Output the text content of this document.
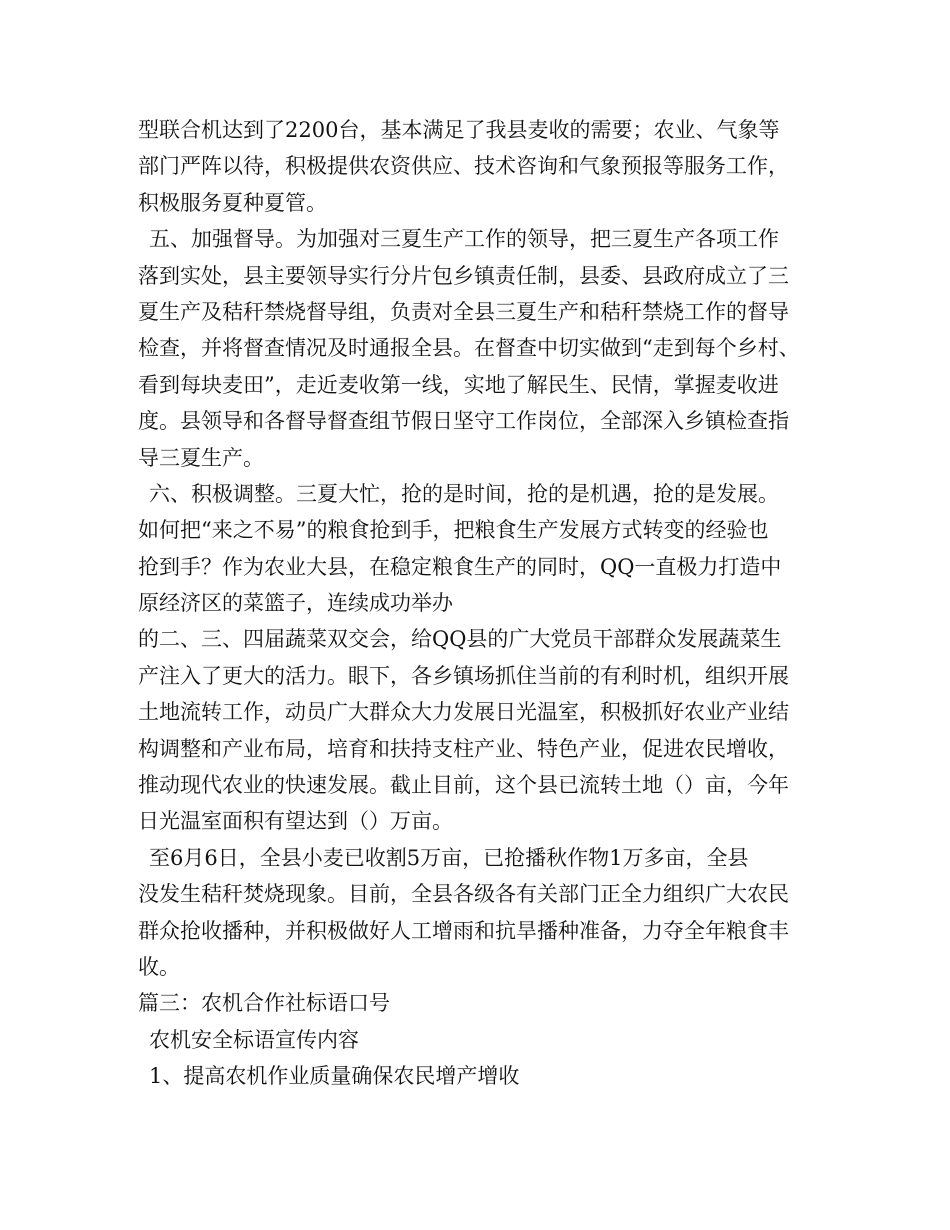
型联合机达到了2200台，基本满足了我县麦收的需要；农业、气象等
部门严阵以待，积极提供农资供应、技术咨询和气象预报等服务工作，
积极服务夏种夏管。
五、加强督导。为加强对三夏生产工作的领导，把三夏生产各项工作
落到实处，县主要领导实行分片包乡镇责任制，县委、县政府成立了三
夏生产及秸秆禁烧督导组，负责对全县三夏生产和秸秆禁烧工作的督导
检查，并将督查情况及时通报全县。在督查中切实做到“走到每个乡村、
看到每块麦田”，走近麦收第一线，实地了解民生、民情，掌握麦收进
度。县领导和各督导督查组节假日坚守工作岗位，全部深入乡镇检查指
导三夏生产。
六、积极调整。三夏大忙，抢的是时间，抢的是机遇，抢的是发展。
如何把“来之不易”的粮食抢到手，把粮食生产发展方式转变的经验也
抢到手？作为农业大县，在稳定粮食生产的同时，QQ一直极力打造中
原经济区的菜篮子，连续成功举办
的二、三、四届蔬菜双交会，给QQ县的广大党员干部群众发展蔬菜生
产注入了更大的活力。眼下，各乡镇场抓住当前的有利时机，组织开展
土地流转工作，动员广大群众大力发展日光温室，积极抓好农业产业结
构调整和产业布局，培育和扶持支柱产业、特色产业，促进农民增收，
推动现代农业的快速发展。截止目前，这个县已流转土地（）亩，今年
日光温室面积有望达到（）万亩。
至6月6日，全县小麦已收割5万亩，已抢播秋作物1万多亩，全县
没发生秸秆焚烧现象。目前，全县各级各有关部门正全力组织广大农民
群众抢收播种，并积极做好人工增雨和抗旱播种准备，力夺全年粮食丰
收。
篇三：农机合作社标语口号
农机安全标语宣传内容
1、提高农机作业质量确保农民增产增收
